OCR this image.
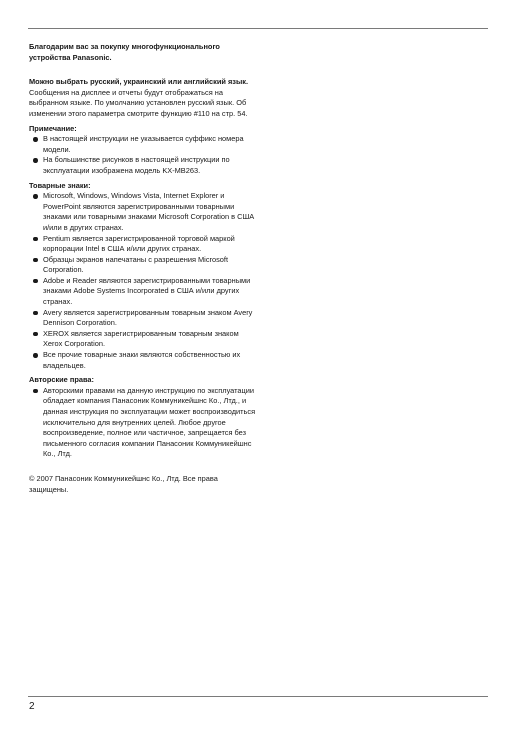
Благодарим вас за покупку многофункционального устройства Panasonic.

Можно выбрать русский, украинский или английский язык.

Сообщения на дисплее и отчеты будут отображаться на выбранном языке. По умолчанию установлен русский язык. Об изменении этого параметра смотрите функцию #110 на стр. 54.

Примечание:

В настоящей инструкции не указывается суффикс номера модели.
На большинстве рисунков в настоящей инструкции по эксплуатации изображена модель KX-MB263.

Товарные знаки:

Microsoft, Windows, Windows Vista, Internet Explorer и PowerPoint являются зарегистрированными товарными знаками или товарными знаками Microsoft Corporation в США и/или в других странах.
Pentium является зарегистрированной торговой маркой корпорации Intel в США и/или других странах.
Образцы экранов напечатаны с разрешения Microsoft Corporation.
Adobe и Reader являются зарегистрированными товарными знаками Adobe Systems Incorporated в США и/или других странах.
Avery является зарегистрированным товарным знаком Avery Dennison Corporation.
XEROX является зарегистрированным товарным знаком Xerox Corporation.
Все прочие товарные знаки являются собственностью их владельцев.

Авторские права:

Авторскими правами на данную инструкцию по эксплуатации обладает компания Панасоник Коммуникейшнс Ко., Лтд., и данная инструкция по эксплуатации может воспроизводиться исключительно для внутренних целей. Любое другое воспроизведение, полное или частичное, запрещается без письменного согласия компании Панасоник Коммуникейшнс Ко., Лтд.

© 2007 Панасоник Коммуникейшнс Ко., Лтд. Все права защищены.

2
